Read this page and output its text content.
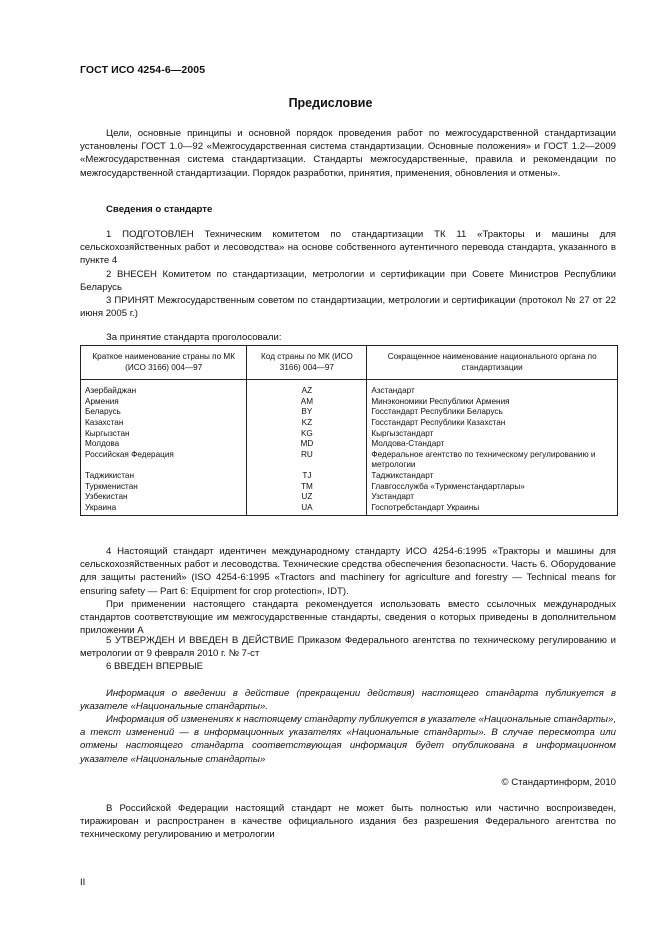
ГОСТ ИСО 4254-6—2005
Предисловие
Цели, основные принципы и основной порядок проведения работ по межгосударственной стандартизации установлены ГОСТ 1.0—92 «Межгосударственная система стандартизации. Основные положения» и ГОСТ 1.2—2009 «Межгосударственная система стандартизации. Стандарты межгосударственные, правила и рекомендации по межгосударственной стандартизации. Порядок разработки, принятия, применения, обновления и отмены».
Сведения о стандарте
1 ПОДГОТОВЛЕН Техническим комитетом по стандартизации ТК 11 «Тракторы и машины для сельскохозяйственных работ и лесоводства» на основе собственного аутентичного перевода стандарта, указанного в пункте 4
2 ВНЕСЕН Комитетом по стандартизации, метрологии и сертификации при Совете Министров Республики Беларусь
3 ПРИНЯТ Межгосударственным советом по стандартизации, метрологии и сертификации (протокол № 27 от 22 июня 2005 г.)
За принятие стандарта проголосовали:
Краткое наименование страны по МК (ИСО 3166) 004—97	Код страны по МК (ИСО 3166) 004—97	Сокращенное наименование национального органа по стандартизации
Азербайджан	AZ	Азстандарт
Армения	AM	Минэкономики Республики Армения
Беларусь	BY	Госстандарт Республики Беларусь
Казахстан	KZ	Госстандарт Республики Казахстан
Кыргызстан	KG	Кыргызстандарт
Молдова	MD	Молдова-Стандарт
Российская Федерация	RU	Федеральное агентство по техническому регулированию и метрологии
Таджикистан	TJ	Таджикстандарт
Туркменистан	TM	Главгосслужба «Туркменстандартлары»
Узбекистан	UZ	Узстандарт
Украина	UA	Госпотребстандарт Украины
4 Настоящий стандарт идентичен международному стандарту ИСО 4254-6:1995 «Тракторы и машины для сельскохозяйственных работ и лесоводства. Технические средства обеспечения безопасности. Часть 6. Оборудование для защиты растений» (ISO 4254-6:1995 «Tractors and machinery for agriculture and forestry — Technical means for ensuring safety — Part 6: Equipment for crop protection», IDT).
При применении настоящего стандарта рекомендуется использовать вместо ссылочных международных стандартов соответствующие им межгосударственные стандарты, сведения о которых приведены в дополнительном приложении А
5 УТВЕРЖДЕН И ВВЕДЕН В ДЕЙСТВИЕ Приказом Федерального агентства по техническому регулированию и метрологии от 9 февраля 2010 г. № 7-ст
6 ВВЕДЕН ВПЕРВЫЕ
Информация о введении в действие (прекращении действия) настоящего стандарта публикуется в указателе «Национальные стандарты».
Информация об изменениях к настоящему стандарту публикуется в указателе «Национальные стандарты», а текст изменений — в информационных указателях «Национальные стандарты». В случае пересмотра или отмены настоящего стандарта соответствующая информация будет опубликована в информационном указателе «Национальные стандарты»
© Стандартинформ, 2010
В Российской Федерации настоящий стандарт не может быть полностью или частично воспроизведен, тиражирован и распространен в качестве официального издания без разрешения Федерального агентства по техническому регулированию и метрологии
II
